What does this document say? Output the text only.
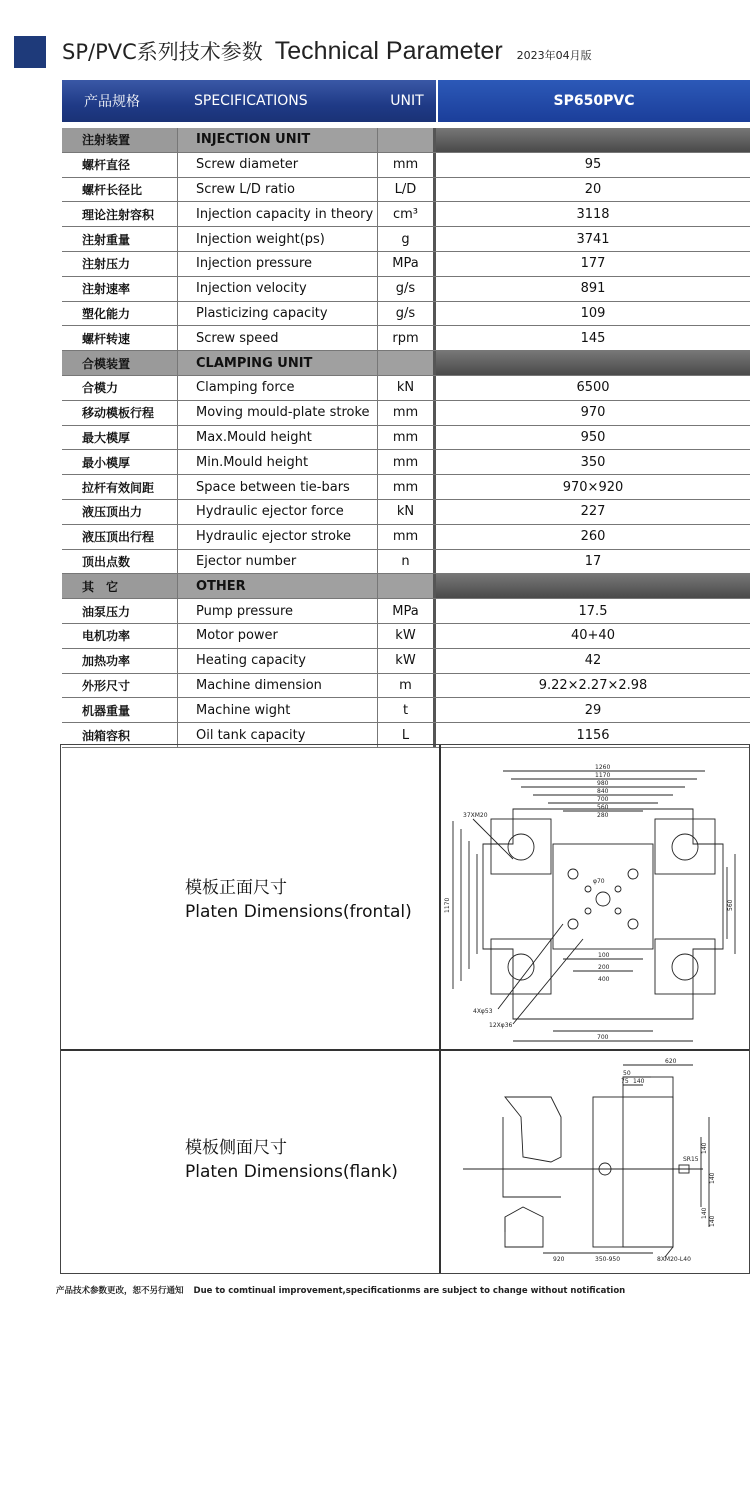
SP/PVC系列技术参数 Technical Parameter 2023年04月版
产品规格	SPECIFICATIONS	UNIT	SP650PVC
注射装置	INJECTION UNIT
螺杆直径	Screw diameter	mm	95
螺杆长径比	Screw L/D ratio	L/D	20
理论注射容积	Injection capacity in theory	cm³	3118
注射重量	Injection weight(ps)	g	3741
注射压力	Injection pressure	MPa	177
注射速率	Injection velocity	g/s	891
塑化能力	Plasticizing capacity	g/s	109
螺杆转速	Screw speed	rpm	145
合模装置	CLAMPING UNIT
合模力	Clamping force	kN	6500
移动模板行程	Moving mould-plate stroke	mm	970
最大模厚	Max.Mould height	mm	950
最小模厚	Min.Mould height	mm	350
拉杆有效间距	Space between tie-bars	mm	970×920
液压顶出力	Hydraulic ejector force	kN	227
液压顶出行程	Hydraulic ejector stroke	mm	260
顶出点数	Ejector number	n	17
其　它	OTHER
油泵压力	Pump pressure	MPa	17.5
电机功率	Motor power	kW	40+40
加热功率	Heating capacity	kW	42
外形尺寸	Machine dimension	m	9.22×2.27×2.98
机器重量	Machine wight	t	29
油箱容积	Oil tank capacity	L	1156
模板正面尺寸
Platen Dimensions(frontal)
模板侧面尺寸
Platen Dimensions(flank)
1260
1170
980
840
700
560
280
37XM20
φ70
100
200
400
700
4Xφ53
12Xφ36
1170	560
620
50
75 140
140
140
140
140
SR15
920	350-950	8XM20-L40
产品技术参数更改，恕不另行通知 Due to comtinual improvement,specificationms are subject to change without notification
